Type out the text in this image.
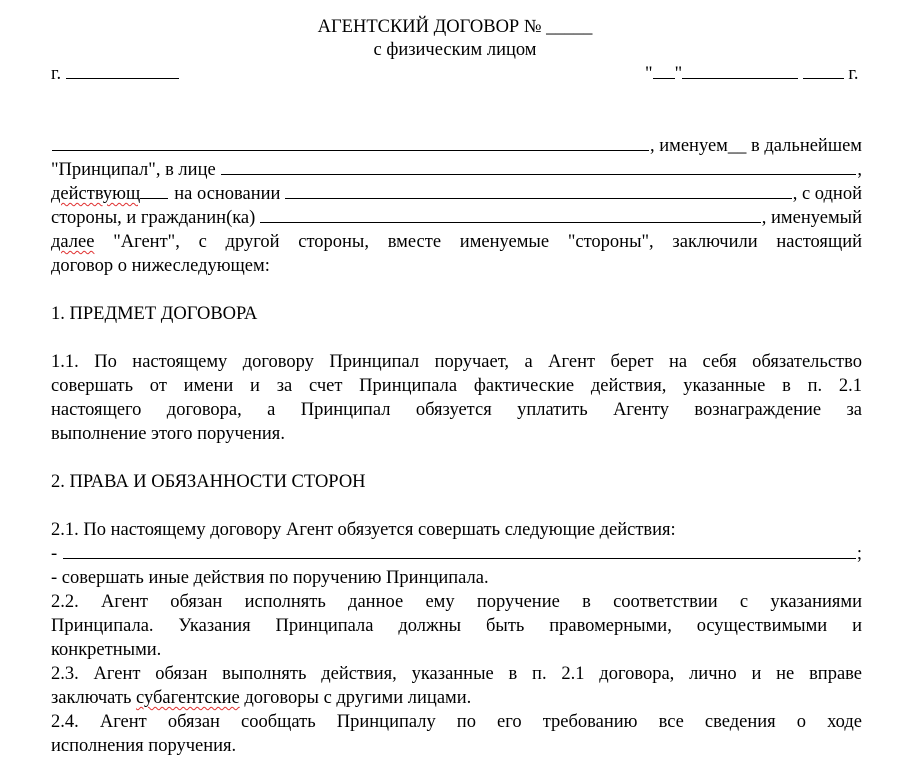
АГЕНТСКИЙ ДОГОВОР № _____
с физическим лицом
г.	" "	г.
, именуем__ в дальнейшем
"Принципал", в лице	,
действующ на основании	, с одной
стороны, и гражданин(ка)	, именуемый
далее "Агент", с другой стороны, вместе именуемые "стороны", заключили настоящий
договор о нижеследующем:
1. ПРЕДМЕТ ДОГОВОРА
1.1. По настоящему договору Принципал поручает, а Агент берет на себя обязательство
совершать от имени и за счет Принципала фактические действия, указанные в п. 2.1
настоящего договора, а Принципал обязуется уплатить Агенту вознаграждение за
выполнение этого поручения.
2. ПРАВА И ОБЯЗАННОСТИ СТОРОН
2.1. По настоящему договору Агент обязуется совершать следующие действия:
-	;
- совершать иные действия по поручению Принципала.
2.2. Агент обязан исполнять данное ему поручение в соответствии с указаниями
Принципала. Указания Принципала должны быть правомерными, осуществимыми и
конкретными.
2.3. Агент обязан выполнять действия, указанные в п. 2.1 договора, лично и не вправе
заключать субагентские договоры с другими лицами.
2.4. Агент обязан сообщать Принципалу по его требованию все сведения о ходе
исполнения поручения.
